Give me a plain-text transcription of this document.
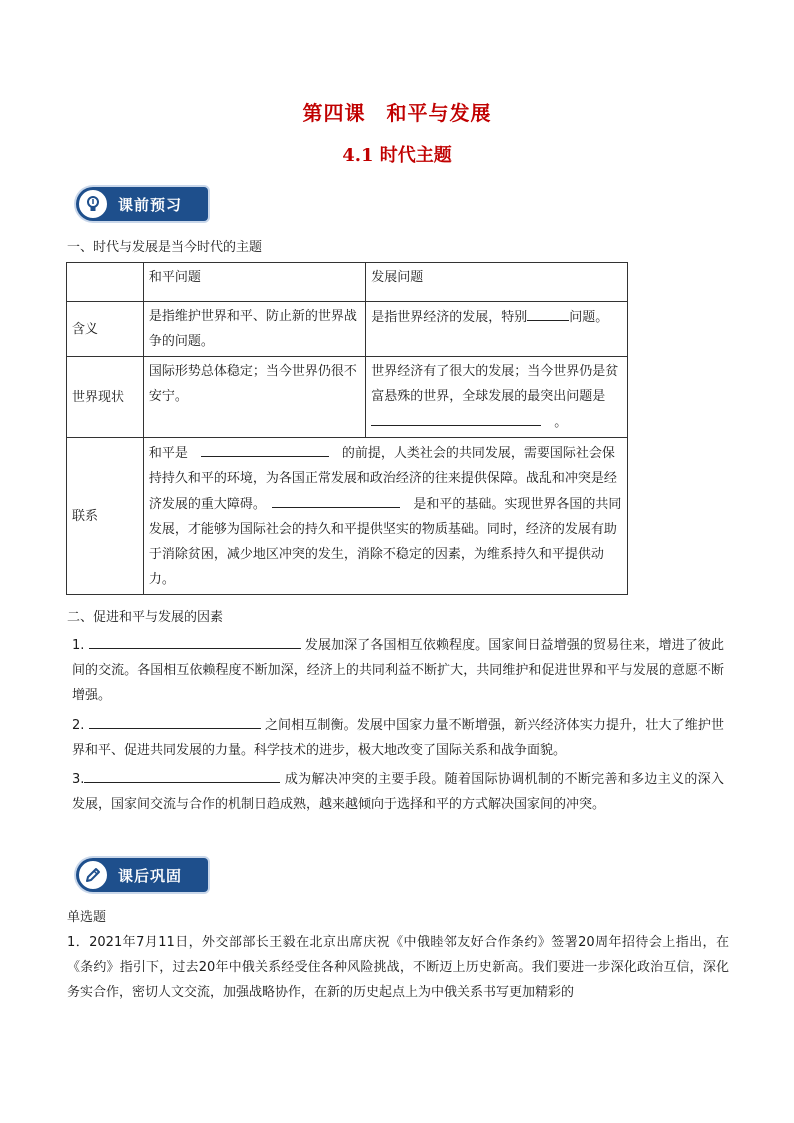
第四课　和平与发展
4.1 时代主题
课前预习
一、时代与发展是当今时代的主题
	和平问题	发展问题
含义	是指维护世界和平、防止新的世界战争的问题。	是指世界经济的发展，特别 问题。
世界现状	国际形势总体稳定；当今世界仍很不安宁。	世界经济有了很大的发展；当今世界仍是贫富悬殊的世界，全球发展的最突出问题是　。
联系	和平是　　 的前提，人类社会的共同发展，需要国际社会保持持久和平的环境，为各国正常发展和政治经济的往来提供保障。战乱和冲突是经济发展的重大障碍。　　 是和平的基础。实现世界各国的共同发展，才能够为国际社会的持久和平提供坚实的物质基础。同时，经济的发展有助于消除贫困，减少地区冲突的发生，消除不稳定的因素，为维系持久和平提供动力。	
二、促进和平与发展的因素
1.	发展加深了各国相互依赖程度。国家间日益增强的贸易往来，增进了彼此间的交流。各国相互依赖程度不断加深，经济上的共同利益不断扩大，共同维护和促进世界和平与发展的意愿不断增强。
2.	之间相互制衡。发展中国家力量不断增强，新兴经济体实力提升，壮大了维护世界和平、促进共同发展的力量。科学技术的进步，极大地改变了国际关系和战争面貌。
3.	成为解决冲突的主要手段。随着国际协调机制的不断完善和多边主义的深入发展，国家间交流与合作的机制日趋成熟，越来越倾向于选择和平的方式解决国家间的冲突。
课后巩固
单选题
1．2021年7月11日，外交部部长王毅在北京出席庆祝《中俄睦邻友好合作条约》签署20周年招待会上指出，在《条约》指引下，过去20年中俄关系经受住各种风险挑战，不断迈上历史新高。我们要进一步深化政治互信，深化务实合作，密切人文交流，加强战略协作，在新的历史起点上为中俄关系书写更加精彩的
